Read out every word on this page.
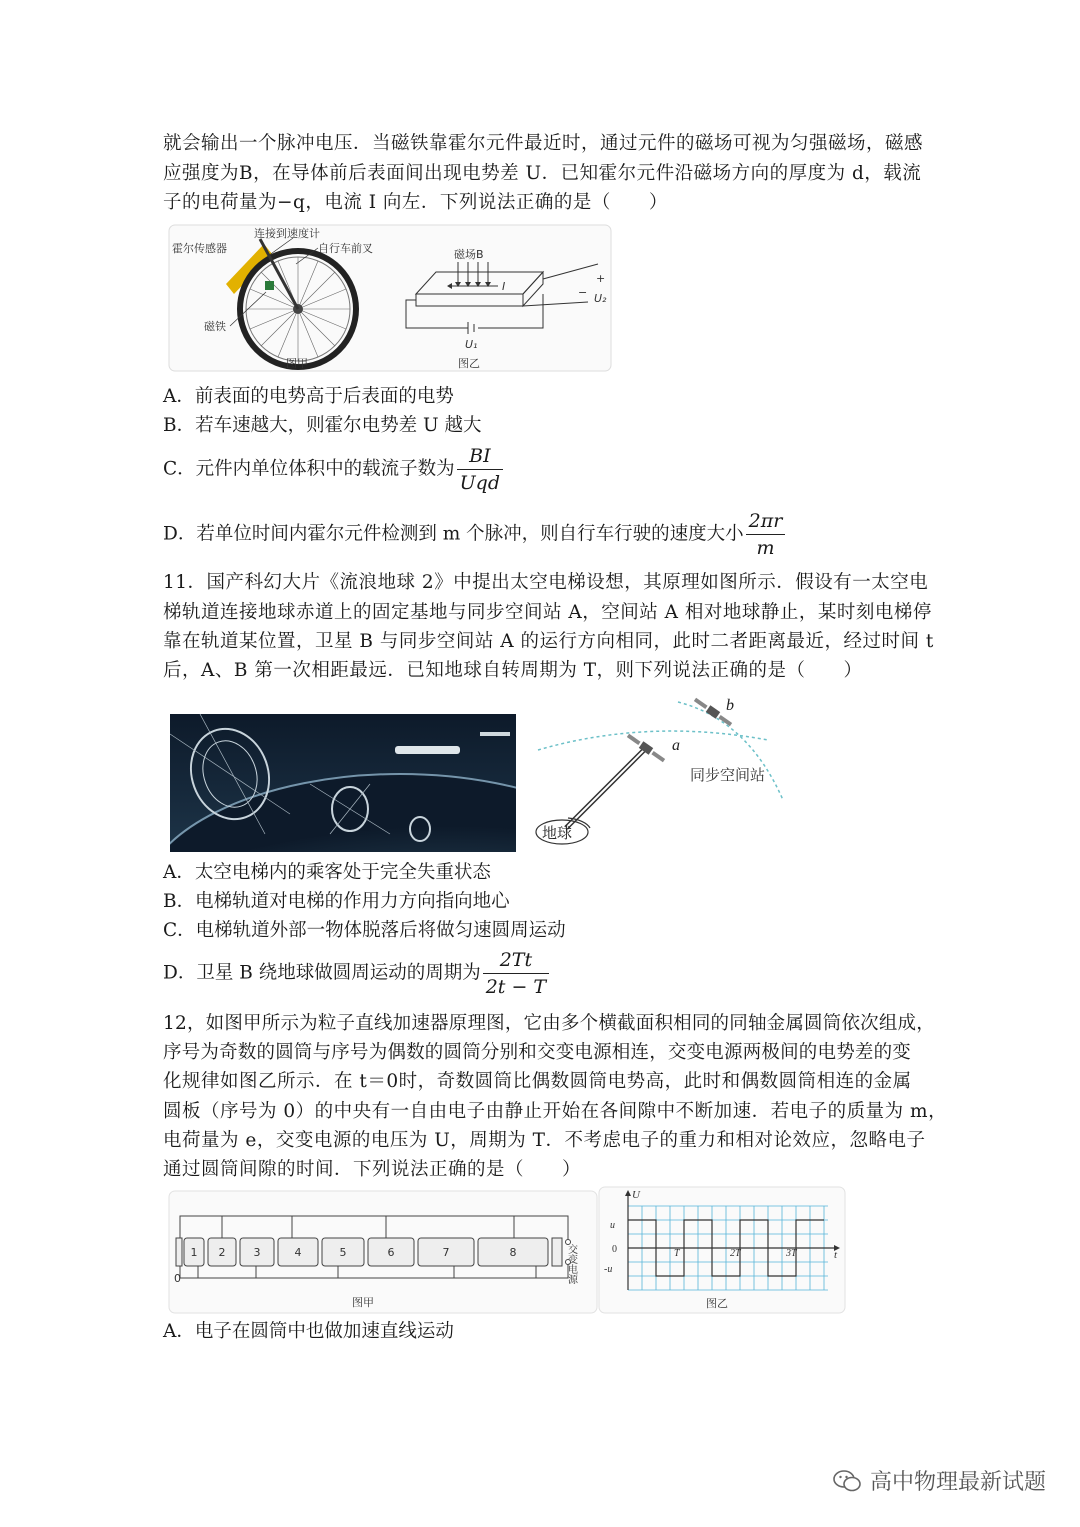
就会输出一个脉冲电压．当磁铁靠霍尔元件最近时，通过元件的磁场可视为匀强磁场，磁感
应强度为B，在导体前后表面间出现电势差 U．已知霍尔元件沿磁场方向的厚度为 d，载流
子的电荷量为−q，电流 I 向左．下列说法正确的是（　　）
霍尔传感器
连接到速度计
自行车前叉
磁铁
图甲
磁场B
I
U₁
+
− U₂
图乙
A．前表面的电势高于后表面的电势
B．若车速越大，则霍尔电势差 U 越大
C．元件内单位体积中的载流子数为 $\frac{BI}{\text{Uqd}}$
D．若单位时间内霍尔元件检测到 m 个脉冲，则自行车行驶的速度大小 $\frac{2\pi r}{m}$
11．国产科幻大片《流浪地球 2》中提出太空电梯设想，其原理如图所示．假设有一太空电
梯轨道连接地球赤道上的固定基地与同步空间站 A，空间站 A 相对地球静止，某时刻电梯停
靠在轨道某位置，卫星 B 与同步空间站 A 的运行方向相同，此时二者距离最近，经过时间 t
后，A、B 第一次相距最远．已知地球自转周期为 T，则下列说法正确的是（　　）
b
a
同步空间站
地球
A．太空电梯内的乘客处于完全失重状态
B．电梯轨道对电梯的作用力方向指向地心
C．电梯轨道外部一物体脱落后将做匀速圆周运动
D．卫星 B 绕地球做圆周运动的周期为 $\frac{2Tt}{2t - T}$
12，如图甲所示为粒子直线加速器原理图，它由多个横截面积相同的同轴金属圆筒依次组成，
序号为奇数的圆筒与序号为偶数的圆筒分别和交变电源相连，交变电源两极间的电势差的变
化规律如图乙所示．在 t＝0时，奇数圆筒比偶数圆筒电势高，此时和偶数圆筒相连的金属
圆板（序号为 0）的中央有一自由电子由静止开始在各间隙中不断加速．若电子的质量为 m，
电荷量为 e，交变电源的电压为 U，周期为 T．不考虑电子的重力和相对论效应，忽略电子
通过圆筒间隙的时间．下列说法正确的是（　　）
1 2	3	4	5	6	7	8
0	交变电源
图甲
U
u
0
-u
T	2T	3T	t
图乙
A．电子在圆筒中也做加速直线运动
高中物理最新试题
